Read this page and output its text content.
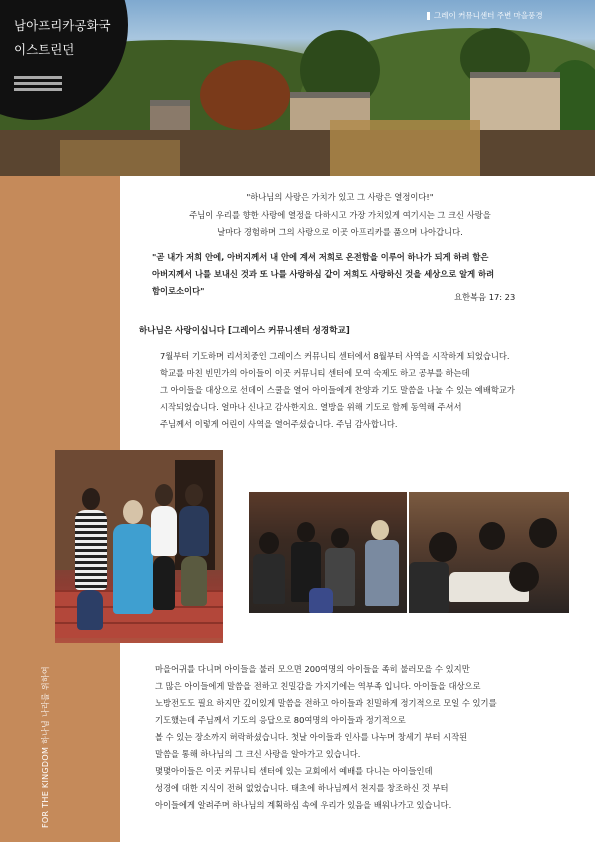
남아프리카공화국
이스트린던
그레이 커뮤니센터 주변 마을풍경
FOR THE KINGDOM 하나님 나라를 위하여
"하나님의 사랑은 가치가 있고 그 사랑은 열정이다!"
주님이 우리를 향한 사랑에 열정을 다하시고 가장 가치있게 여기시는 그 크신 사랑을
날마다 경험하며 그의 사랑으로 이곳 아프리카를 품으며 나아갑니다.
"곧 내가 저희 안에, 아버지께서 내 안에 계셔 저희로 온전함을 이루어 하나가 되게 하려 함은
아버지께서 나를 보내신 것과 또 나를 사랑하심 같이 저희도 사랑하신 것을 세상으로 알게 하려
함이로소이다"
요한복음 17: 23
하나님은 사랑이십니다 [그레이스 커뮤니센터 성경학교]
7월부터 기도하며 리서치중인 그레이스 커뮤니티 센터에서 8월부터 사역을 시작하게 되었습니다.
학교를 마친 빈민가의 아이들이 이곳 커뮤니티 센터에 모여 숙제도 하고 공부를 하는데
그 아이들을 대상으로 선데이 스쿨을 열어 아이들에게 찬양과 기도 말씀을 나눌 수 있는 예배학교가
시작되었습니다. 얼마나 신나고 감사한지요. 열방을 위해 기도로 함께 동역해 주셔서
주님께서 이렇게 어린이 사역을 열어주셨습니다. 주님 감사합니다.
마을어귀를 다니며 아이들을 불러 모으면 200여명의 아이들을 족히 불러모을 수 있지만
그 많은 아이들에게 말씀을 전하고 친밀감을 가지기에는 역부족 입니다. 아이들을 대상으로
노방전도도 필요 하지만 깊이있게 말씀을 전하고 아이들과 친밀하게 정기적으로 모일 수 있기를
기도했는데 주님께서 기도의 응답으로 80여명의 아이들과 정기적으로
볼 수 있는 장소까지 허락하셨습니다. 첫날 아이들과 인사를 나누며 창세기 부터 시작된
말씀을 통해 하나님의 그 크신 사랑을 알아가고 있습니다.
몇몇아이들은 이곳 커뮤니티 센터에 있는 교회에서 예배를 다니는 아이들인데
성경에 대한 지식이 전혀 없었습니다. 태초에 하나님께서 천지를 창조하신 것 부터
아이들에게 알려주며 하나님의 계획하심 속에 우리가 있음을 배워나가고 있습니다.
